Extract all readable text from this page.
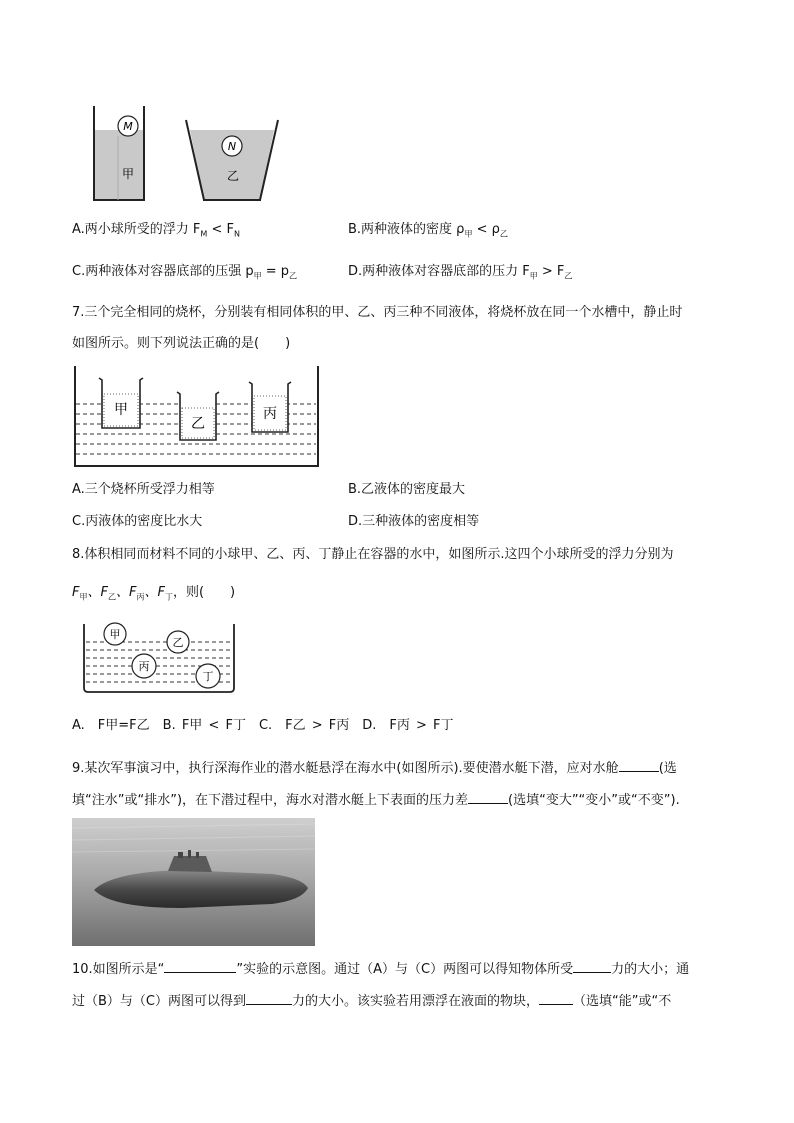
M
甲
N
乙
A.两小球所受的浮力 $F_M < F_N$	B.两种液体的密度 $\rho_甲 < \rho_乙$
C.两种液体对容器底部的压强 $p_甲 = p_乙$	D.两种液体对容器底部的压力 $F_甲 > F_乙$
7.三个完全相同的烧杯，分别装有相同体积的甲、乙、丙三种不同液体，将烧杯放在同一个水槽中，静止时
如图所示。则下列说法正确的是(　　)
甲
乙
丙
A.三个烧杯所受浮力相等	B.乙液体的密度最大
C.丙液体的密度比水大	D.三种液体的密度相等
8.体积相同而材料不同的小球甲、乙、丙、丁静止在容器的水中，如图所示.这四个小球所受的浮力分别为
$F_甲$、$F_乙$、$F_丙$、$F_丁$，则(　　)
甲
乙
丙
丁
A.　F甲=F乙　B. F甲 < F丁　C.　F乙 > F丙　D.　F丙 > F丁
9.某次军事演习中，执行深海作业的潜水艇悬浮在海水中(如图所示).要使潜水艇下潜，应对水舱	(选
填“注水”或“排水”)，在下潜过程中，海水对潜水艇上下表面的压力差	(选填“变大”“变小”或“不变”).
10.如图所示是“	”实验的示意图。通过（A）与（C）两图可以得知物体所受	力的大小；通
过（B）与（C）两图可以得到	力的大小。该实验若用漂浮在液面的物块，	（选填“能”或“不
